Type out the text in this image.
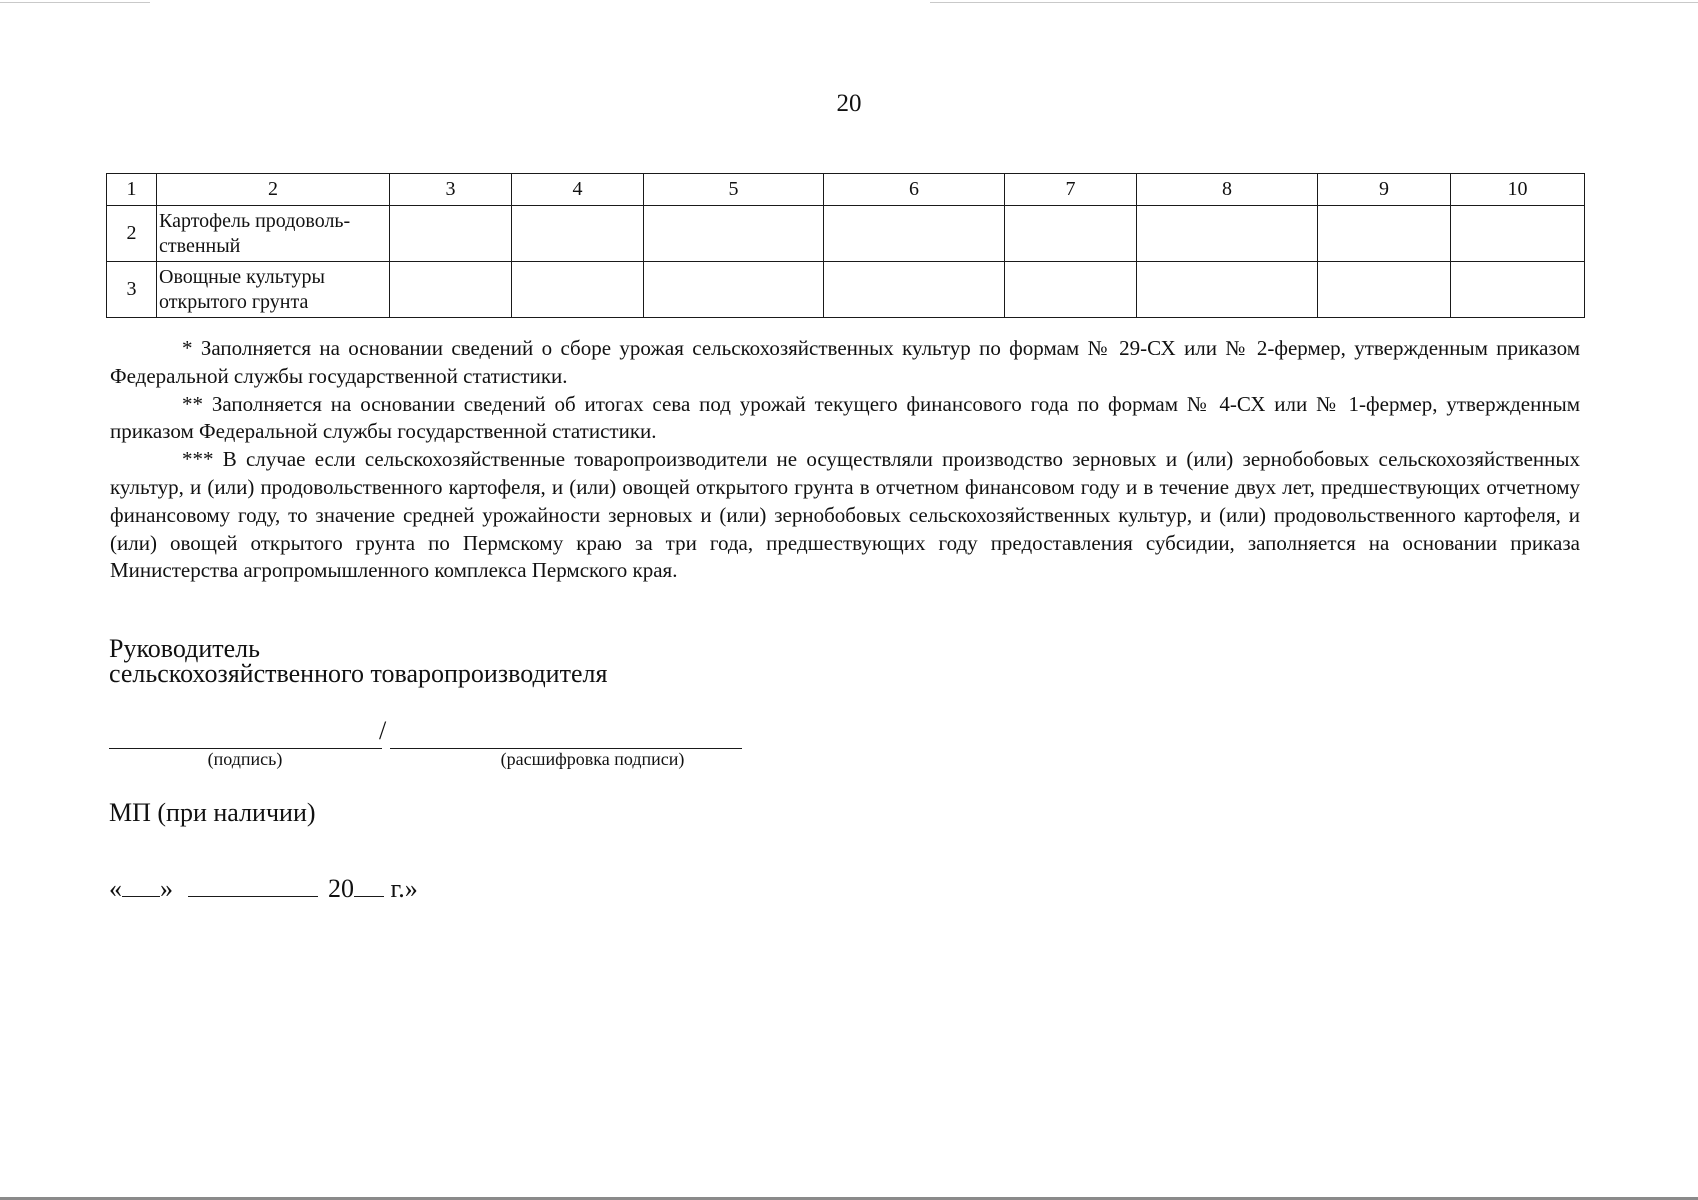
20
1	2	3	4	5	6	7	8	9	10
2	Картофель продоволь-
ственный								
3	Овощные культуры
открытого грунта								

* Заполняется на основании сведений о сборе урожая сельскохозяйственных культур по формам № 29-СХ или № 2-фермер, утвержденным приказом Федеральной службы государственной статистики.

** Заполняется на основании сведений об итогах сева под урожай текущего финансового года по формам № 4-СХ или № 1-фермер, утвержденным приказом Федеральной службы государственной статистики.

*** В случае если сельскохозяйственные товаропроизводители не осуществляли производство зерновых и (или) зернобобовых сельскохозяйственных культур, и (или) продовольственного картофеля, и (или) овощей открытого грунта в отчетном финансовом году и в течение двух лет, предшествующих отчетному финансовому году, то значение средней урожайности зерновых и (или) зернобобовых сельскохозяйственных культур, и (или) продовольственного картофеля, и (или) овощей открытого грунта по Пермскому краю за три года, предшествующих году предоставления субсидии, заполняется на основании приказа Министерства агропромышленного комплекса Пермского края.

Руководитель
сельскохозяйственного товаропроизводителя
/
(подпись)	(расшифровка подписи)
МП (при наличии)
« »	20 г.»
